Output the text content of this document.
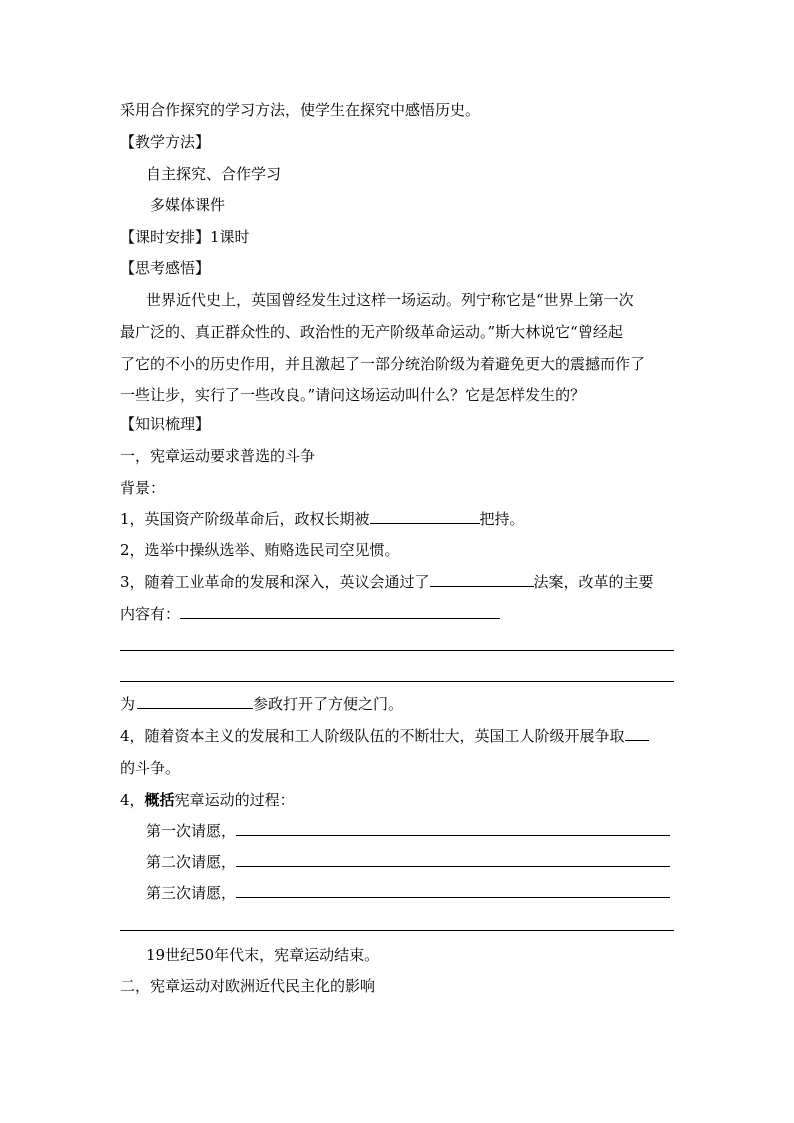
采用合作探究的学习方法，使学生在探究中感悟历史。
【教学方法】
自主探究、合作学习
多媒体课件
【课时安排】1课时
【思考感悟】
世界近代史上，英国曾经发生过这样一场运动。列宁称它是“世界上第一次
最广泛的、真正群众性的、政治性的无产阶级革命运动。”斯大林说它“曾经起
了它的不小的历史作用，并且激起了一部分统治阶级为着避免更大的震撼而作了
一些让步，实行了一些改良。”请问这场运动叫什么？它是怎样发生的？
【知识梳理】
一，宪章运动要求普选的斗争
背景：
1，英国资产阶级革命后，政权长期被	把持。
2，选举中操纵选举、贿赂选民司空见惯。
3，随着工业革命的发展和深入，英议会通过了	法案，改革的主要
内容有：
为	参政打开了方便之门。
4，随着资本主义的发展和工人阶级队伍的不断壮大，英国工人阶级开展争取
的斗争。
4，概括宪章运动的过程：
第一次请愿，
第二次请愿，
第三次请愿，
19世纪50年代末，宪章运动结束。
二，宪章运动对欧洲近代民主化的影响
